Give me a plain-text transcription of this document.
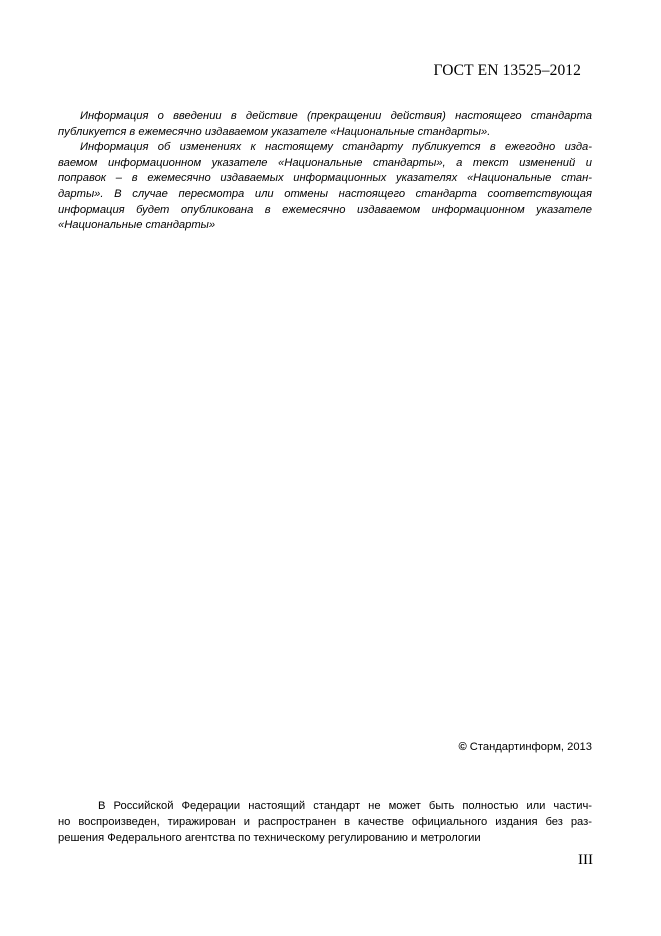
ГОСТ EN 13525–2012
Информация о введении в действие (прекращении действия) настоящего стандарта
публикуется в ежемесячно издаваемом указателе «Национальные стандарты».
Информация об изменениях к настоящему стандарту публикуется в ежегодно изда-
ваемом информационном указателе «Национальные стандарты», а текст изменений и
поправок – в ежемесячно издаваемых информационных указателях «Национальные стан-
дарты». В случае пересмотра или отмены настоящего стандарта соответствующая
информация будет опубликована в ежемесячно издаваемом информационном указателе
«Национальные стандарты»
© Стандартинформ, 2013
В Российской Федерации настоящий стандарт не может быть полностью или частич-
но воспроизведен, тиражирован и распространен в качестве официального издания без раз-
решения Федерального агентства по техническому регулированию и метрологии
III
